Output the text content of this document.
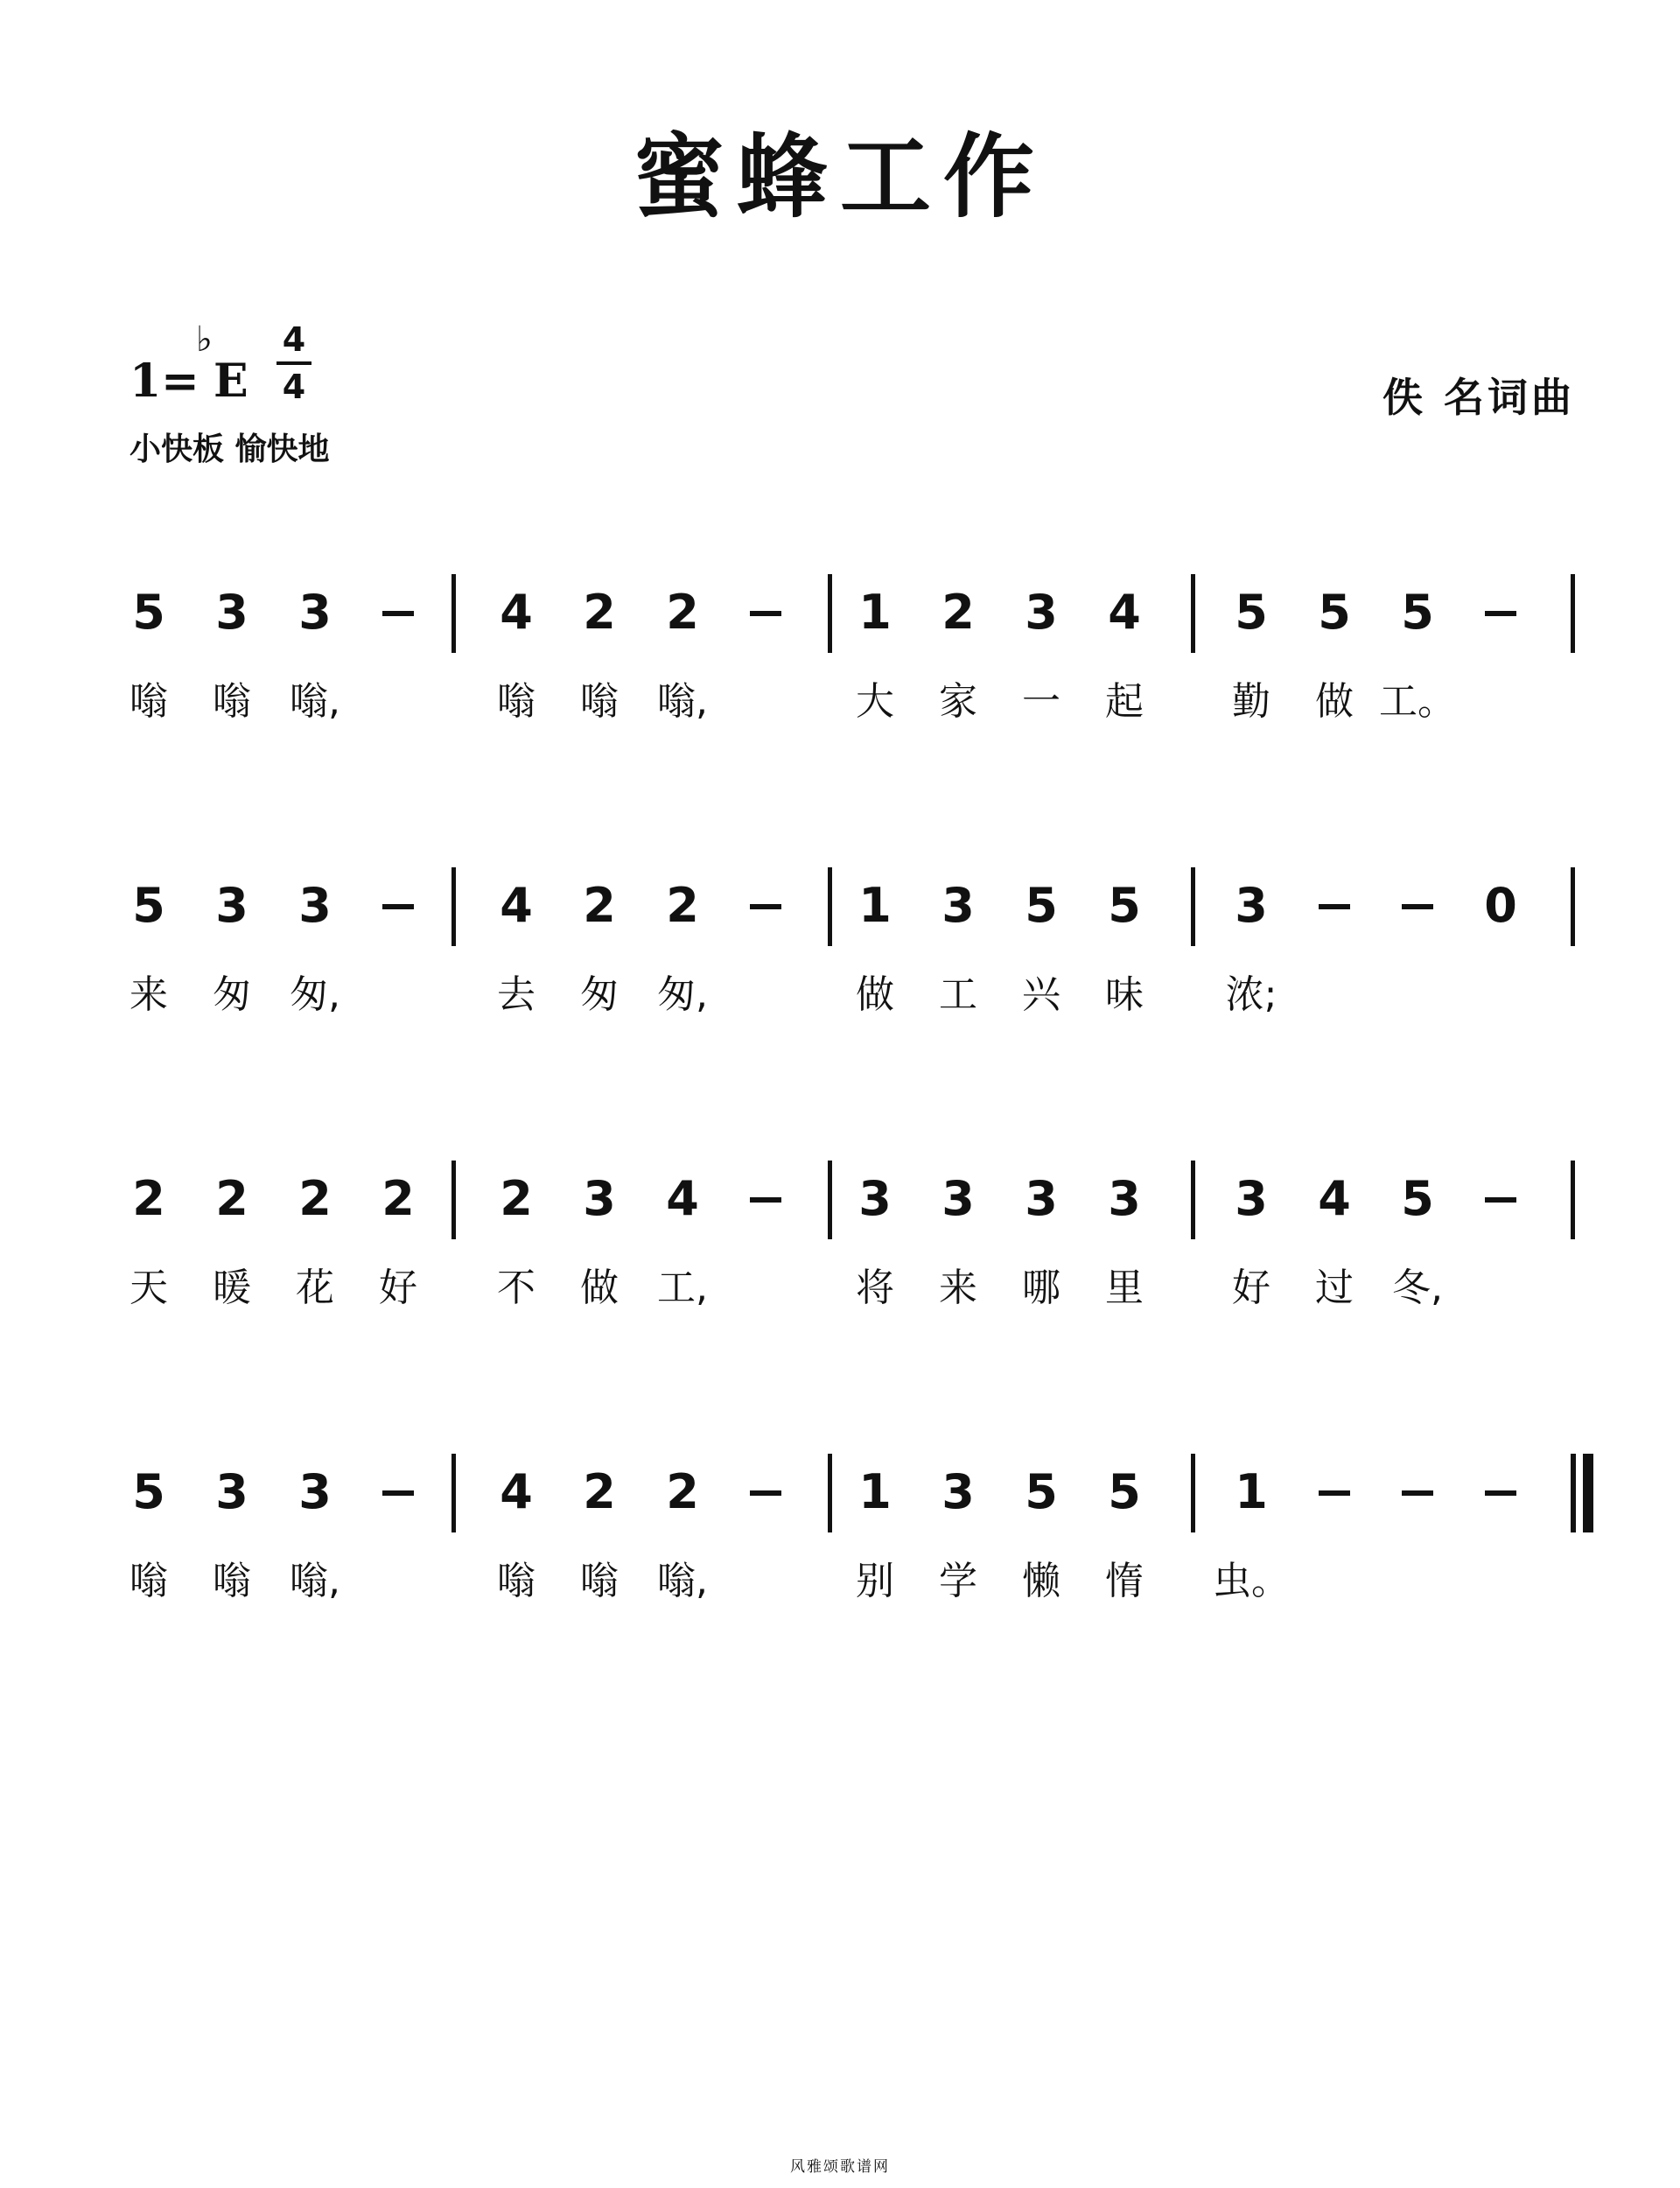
蜜蜂工作
1=
♭
E
4
4
小快板 愉快地
佚 名词曲
5
嗡
3
嗡
3
嗡,
4
嗡
2
嗡
2
嗡,
1
大
2
家
3
一
4
起
5
勤
5
做
5
工。
5
来
3
匆
3
匆,
4
去
2
匆
2
匆,
1
做
3
工
5
兴
5
味
3
浓;
0
2
天
2
暖
2
花
2
好
2
不
3
做
4
工,
3
将
3
来
3
哪
3
里
3
好
4
过
5
冬,
5
嗡
3
嗡
3
嗡,
4
嗡
2
嗡
2
嗡,
1
别
3
学
5
懒
5
惰
1
虫。
风雅颂歌谱网
